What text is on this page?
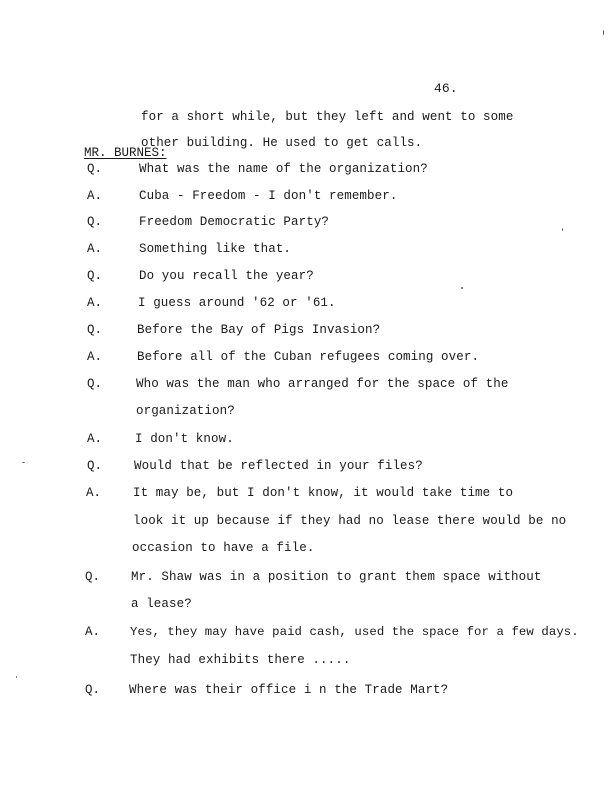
46.
for a short while, but they left and went to some
other building. He used to get calls.
MR. BURNES:
Q.	What was the name of the organization?
A.	Cuba - Freedom - I don't remember.
Q.	Freedom Democratic Party?
A.	Something like that.
Q.	Do you recall the year?
A.	I guess around '62 or '61.
Q.	Before the Bay of Pigs Invasion?
A.	Before all of the Cuban refugees coming over.
Q.	Who was the man who arranged for the space of the
organization?
A.	I don't know.
Q.	Would that be reflected in your files?
A.	It may be, but I don't know, it would take time to
look it up because if they had no lease there would be no
occasion to have a file.
Q. Mr. Shaw was in a position to grant them space without
a lease?
A. Yes, they may have paid cash, used the space for a few days.
They had exhibits there .....
Q. Where was their office i n the Trade Mart?
